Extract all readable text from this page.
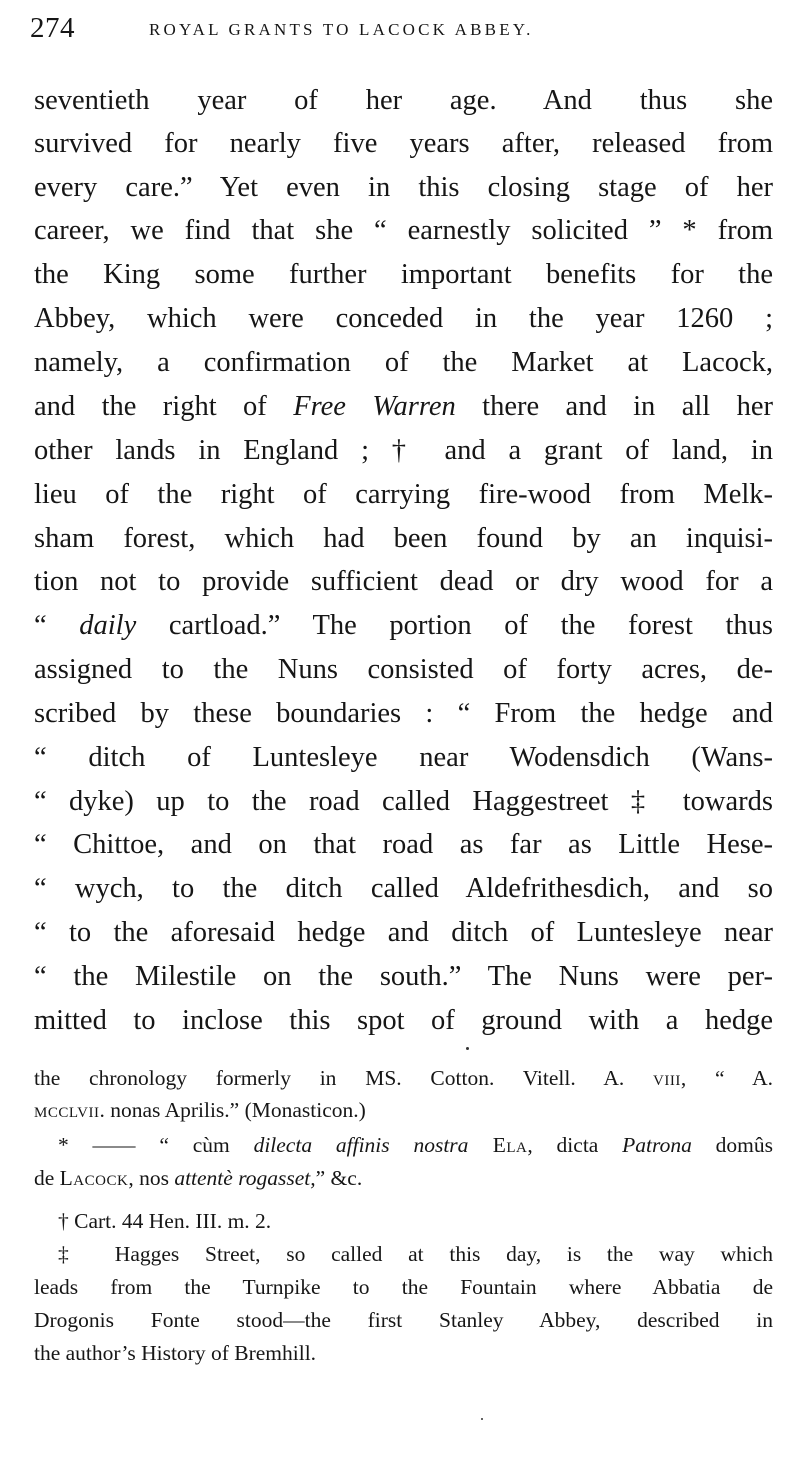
274	ROYAL GRANTS TO LACOCK ABBEY.
seventieth year of her age. And thus she
survived for nearly five years after, released from
every care.” Yet even in this closing stage of her
career, we find that she “ earnestly solicited ” * from
the King some further important benefits for the
Abbey, which were conceded in the year 1260 ;
namely, a confirmation of the Market at Lacock,
and the right of Free Warren there and in all her
other lands in England ; † and a grant of land, in
lieu of the right of carrying fire-wood from Melk-
sham forest, which had been found by an inquisi-
tion not to provide sufficient dead or dry wood for a
“ daily cartload.” The portion of the forest thus
assigned to the Nuns consisted of forty acres, de-
scribed by these boundaries : “ From the hedge and
“ ditch of Luntesleye near Wodensdich (Wans-
“ dyke) up to the road called Haggestreet ‡ towards
“ Chittoe, and on that road as far as Little Hese-
“ wych, to the ditch called Aldefrithesdich, and so
“ to the aforesaid hedge and ditch of Luntesleye near
“ the Milestile on the south.” The Nuns were per-
mitted to inclose this spot of ground with a hedge
the chronology formerly in MS. Cotton. Vitell. A. viii, “ A.
mcclvii. nonas Aprilis.” (Monasticon.)
* —— “ cùm dilecta affinis nostra Ela, dicta Patrona domûs
de Lacock, nos attentè rogasset,” &c.
† Cart. 44 Hen. III. m. 2.
‡ Hagges Street, so called at this day, is the way which
leads from the Turnpike to the Fountain where Abbatia de
Drogonis Fonte stood—the first Stanley Abbey, described in
the author’s History of Bremhill.
